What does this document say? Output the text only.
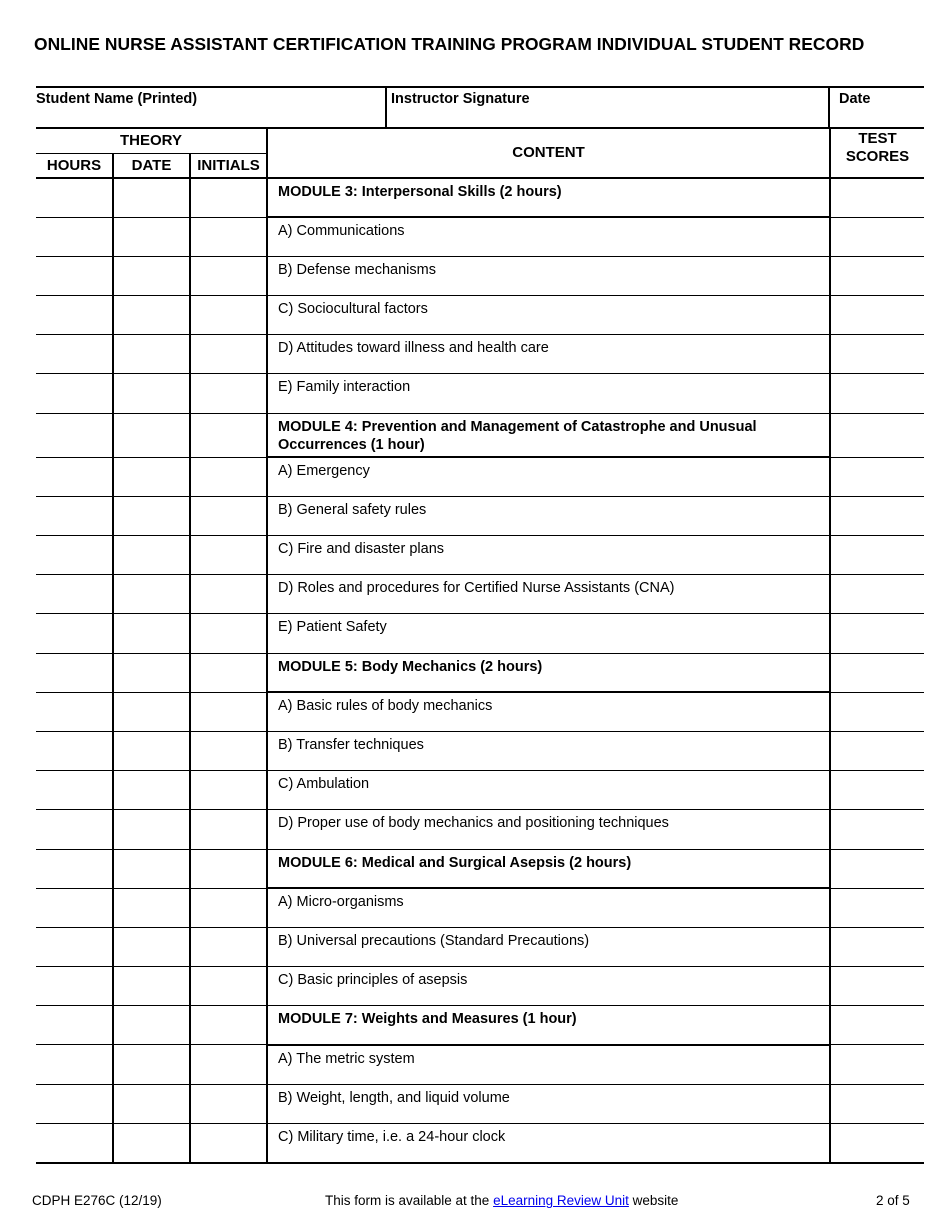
ONLINE NURSE ASSISTANT CERTIFICATION TRAINING PROGRAM INDIVIDUAL STUDENT RECORD
Student Name (Printed)	Instructor Signature	Date
THEORY			CONTENT	TEST
SCORES

HOURS	DATE	INITIALS		
			MODULE 3: Interpersonal Skills (2 hours)	
			A) Communications	
			B) Defense mechanisms	
			C) Sociocultural factors	
			D) Attitudes toward illness and health care	
			E) Family interaction	
			MODULE 4: Prevention and Management of Catastrophe and Unusual Occurrences (1 hour)	
			A) Emergency	
			B) General safety rules	
			C) Fire and disaster plans	
			D) Roles and procedures for Certified Nurse Assistants (CNA)	
			E) Patient Safety	
			MODULE 5: Body Mechanics (2 hours)	
			A) Basic rules of body mechanics	
			B) Transfer techniques	
			C) Ambulation	
			D) Proper use of body mechanics and positioning techniques	
			MODULE 6: Medical and Surgical Asepsis (2 hours)	
			A) Micro-organisms	
			B) Universal precautions (Standard Precautions)	
			C) Basic principles of asepsis	
			MODULE 7: Weights and Measures (1 hour)	
			A) The metric system	
			B) Weight, length, and liquid volume	
			C) Military time, i.e. a 24-hour clock	
CDPH E276C (12/19)	This form is available at the eLearning Review Unit website	2 of 5
